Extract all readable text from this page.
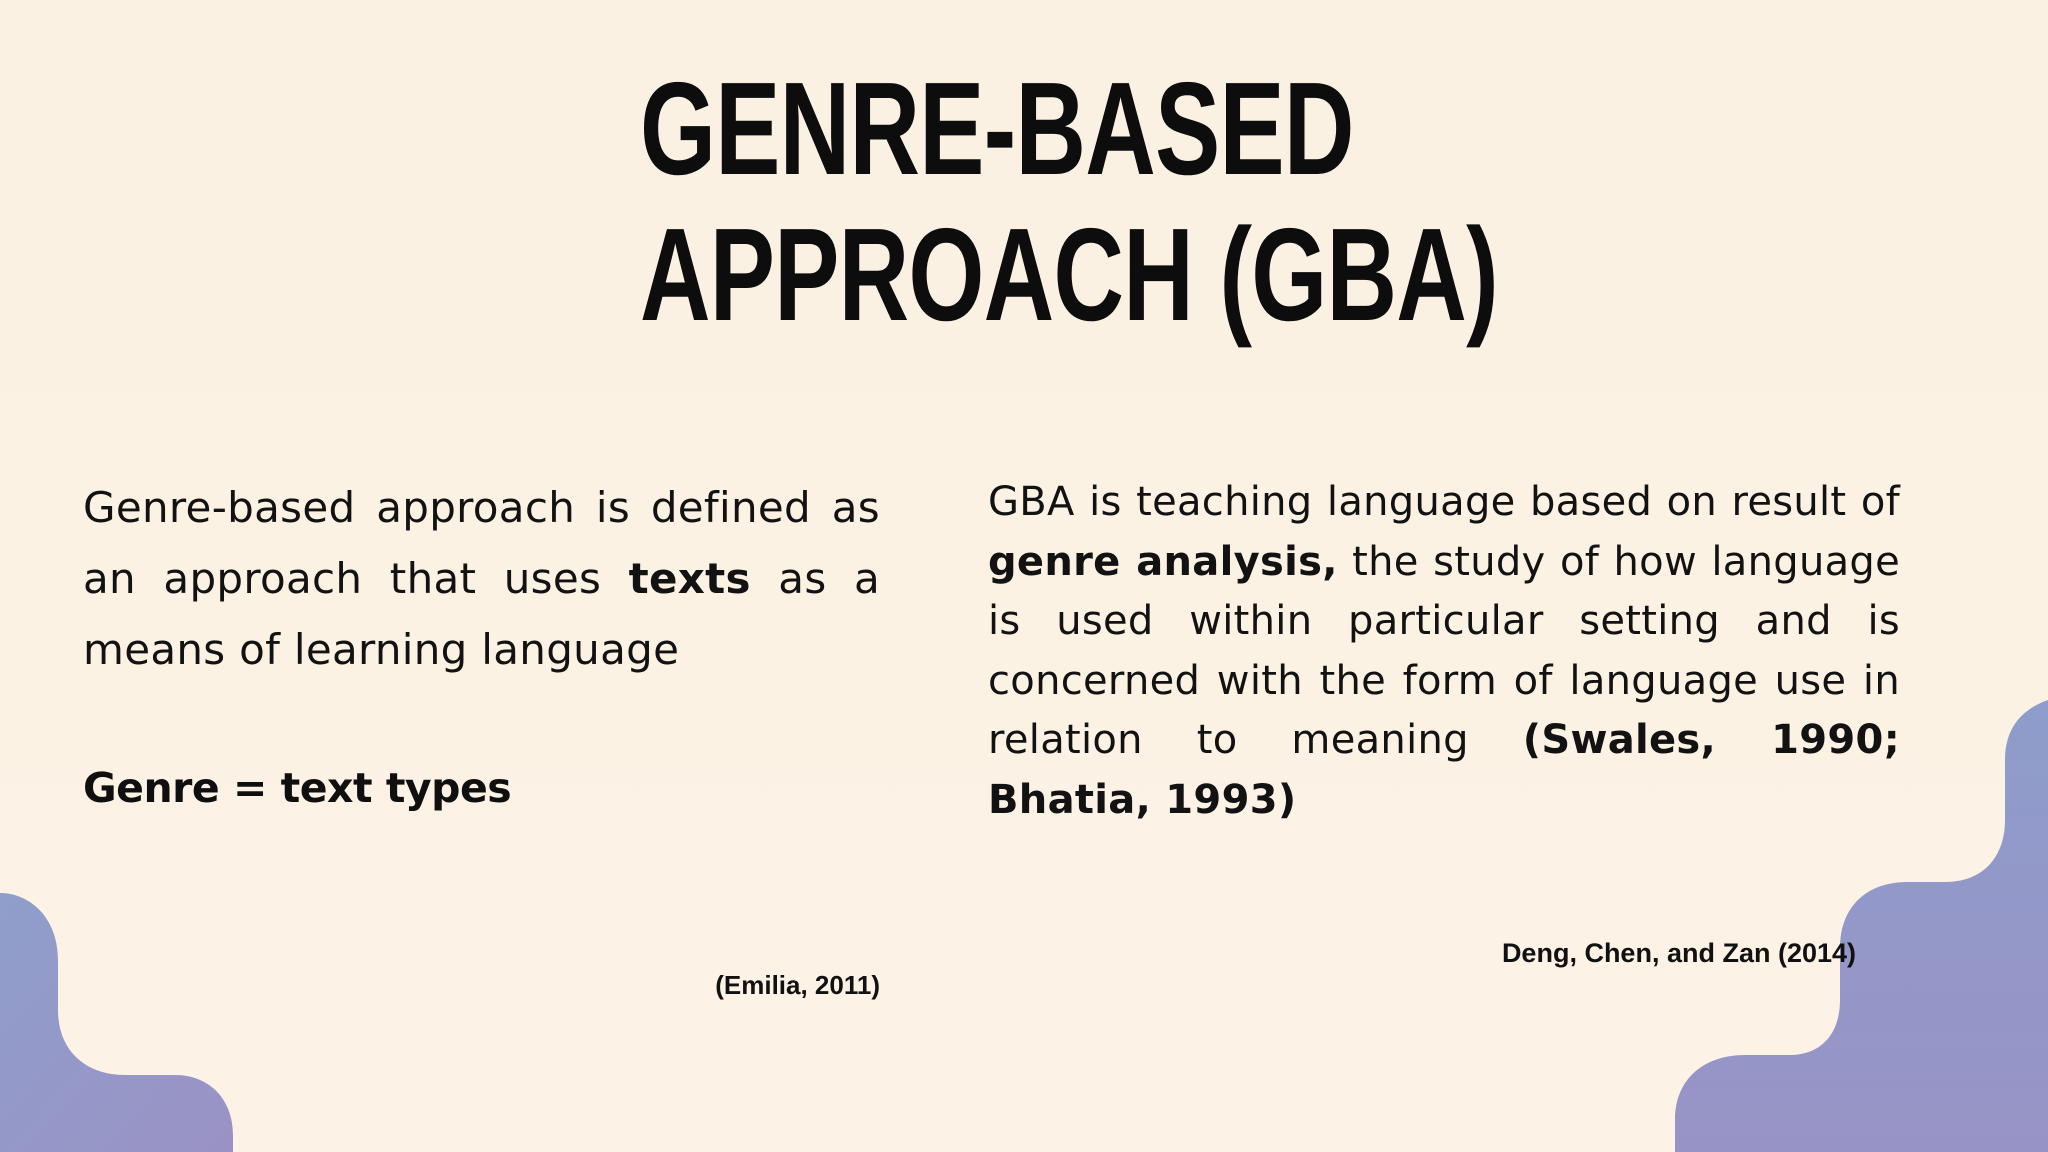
GENRE-BASED
APPROACH (GBA)

Genre-based approach is defined as an approach that uses texts as a means of learning language

Genre = text types

(Emilia, 2011)

GBA is teaching language based on result of genre analysis, the study of how language is used within particular setting and is concerned with the form of language use in relation to meaning (Swales, 1990; Bhatia, 1993)

Deng, Chen, and Zan (2014)
